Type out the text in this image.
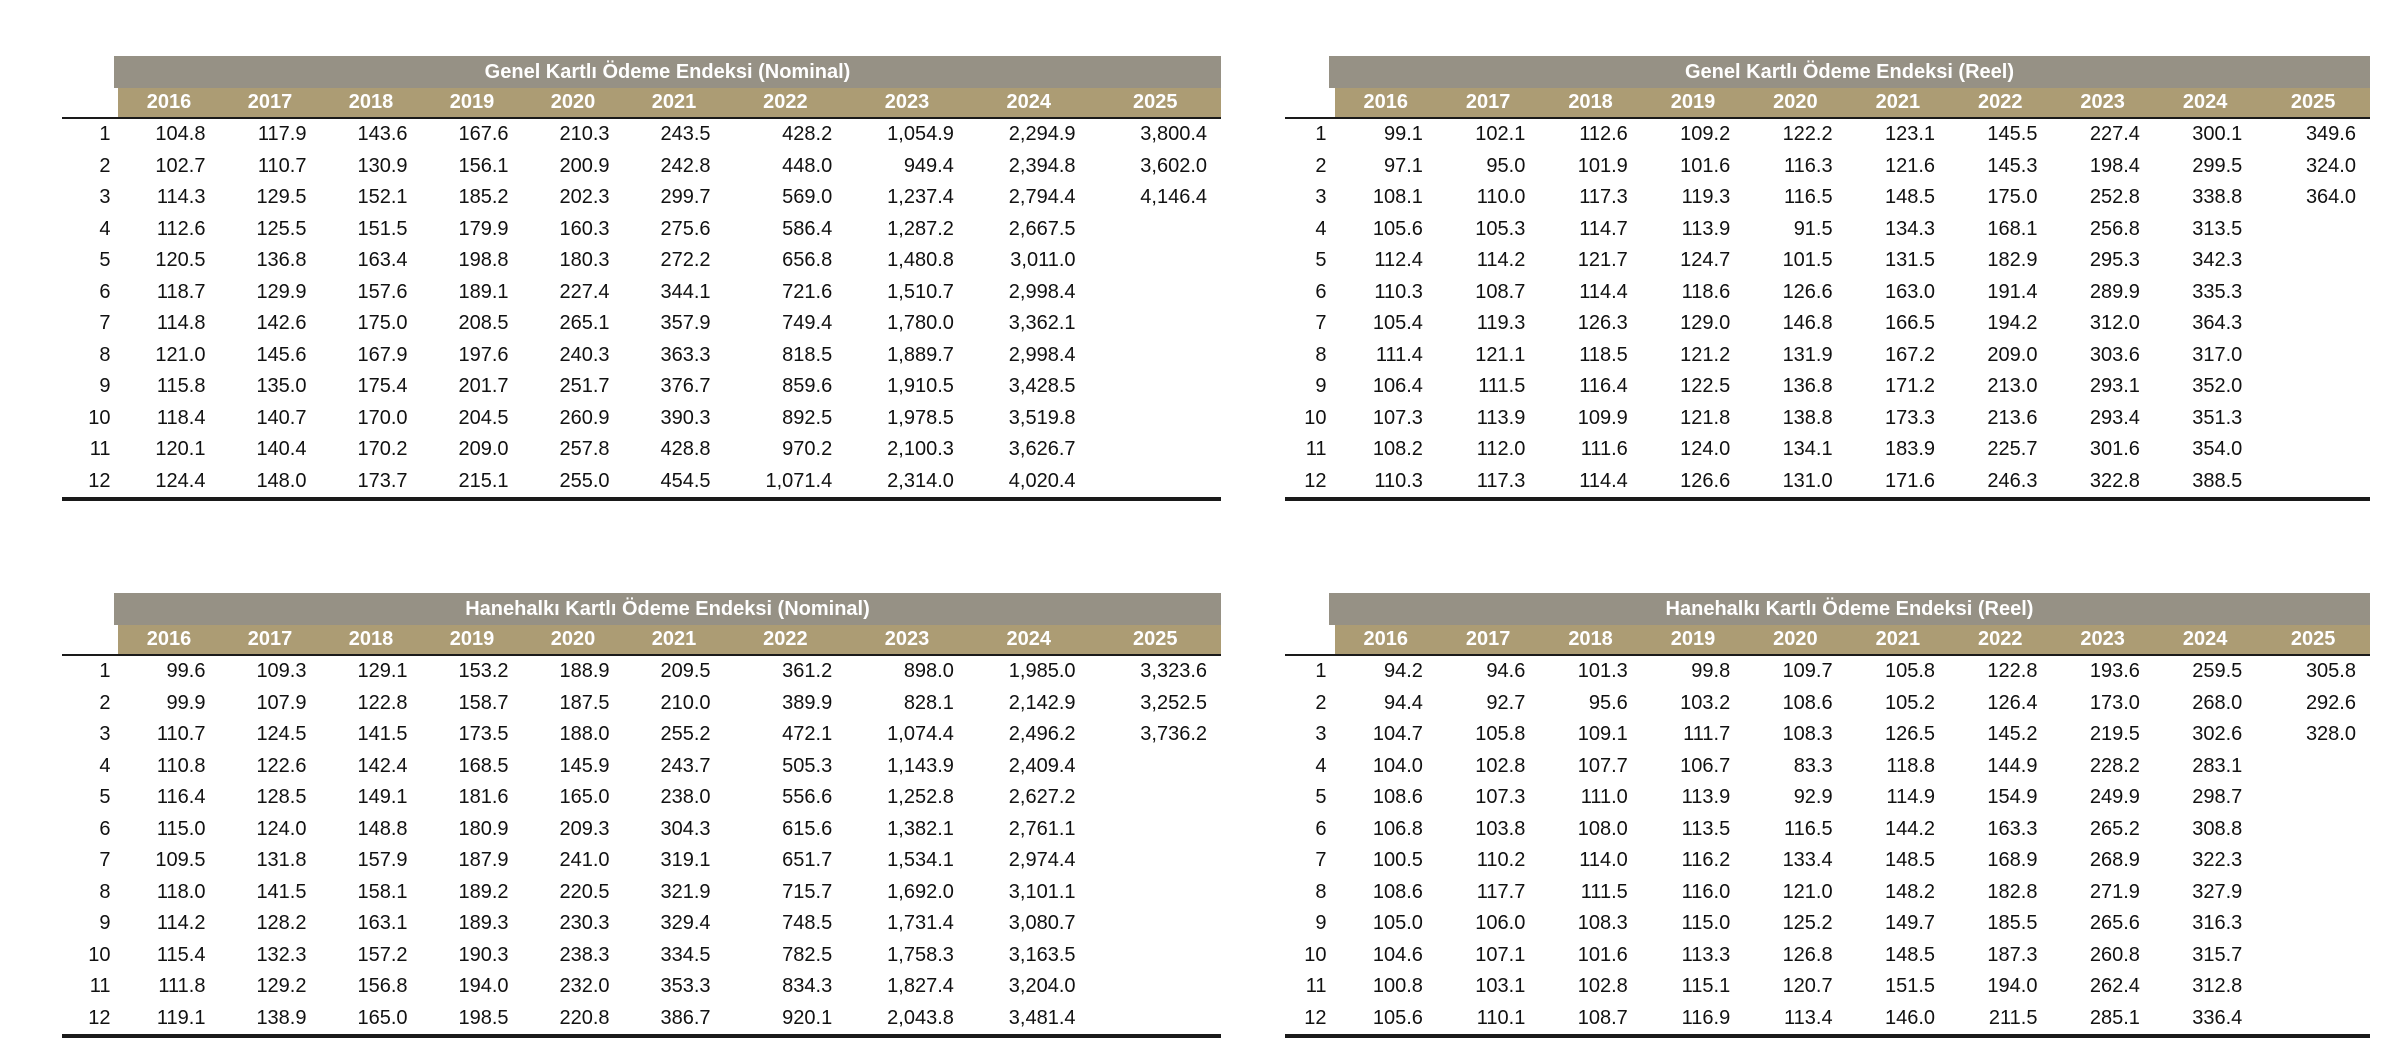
Genel Kartlı Ödeme Endeksi (Nominal)
	2016	2017	2018	2019	2020	2021	2022	2023	2024	2025
1	104.8	117.9	143.6	167.6	210.3	243.5	428.2	1,054.9	2,294.9	3,800.4
2	102.7	110.7	130.9	156.1	200.9	242.8	448.0	949.4	2,394.8	3,602.0
3	114.3	129.5	152.1	185.2	202.3	299.7	569.0	1,237.4	2,794.4	4,146.4
4	112.6	125.5	151.5	179.9	160.3	275.6	586.4	1,287.2	2,667.5	
5	120.5	136.8	163.4	198.8	180.3	272.2	656.8	1,480.8	3,011.0	
6	118.7	129.9	157.6	189.1	227.4	344.1	721.6	1,510.7	2,998.4	
7	114.8	142.6	175.0	208.5	265.1	357.9	749.4	1,780.0	3,362.1	
8	121.0	145.6	167.9	197.6	240.3	363.3	818.5	1,889.7	2,998.4	
9	115.8	135.0	175.4	201.7	251.7	376.7	859.6	1,910.5	3,428.5	
10	118.4	140.7	170.0	204.5	260.9	390.3	892.5	1,978.5	3,519.8	
11	120.1	140.4	170.2	209.0	257.8	428.8	970.2	2,100.3	3,626.7	
12	124.4	148.0	173.7	215.1	255.0	454.5	1,071.4	2,314.0	4,020.4	
Genel Kartlı Ödeme Endeksi (Reel)
	2016	2017	2018	2019	2020	2021	2022	2023	2024	2025
1	99.1	102.1	112.6	109.2	122.2	123.1	145.5	227.4	300.1	349.6
2	97.1	95.0	101.9	101.6	116.3	121.6	145.3	198.4	299.5	324.0
3	108.1	110.0	117.3	119.3	116.5	148.5	175.0	252.8	338.8	364.0
4	105.6	105.3	114.7	113.9	91.5	134.3	168.1	256.8	313.5	
5	112.4	114.2	121.7	124.7	101.5	131.5	182.9	295.3	342.3	
6	110.3	108.7	114.4	118.6	126.6	163.0	191.4	289.9	335.3	
7	105.4	119.3	126.3	129.0	146.8	166.5	194.2	312.0	364.3	
8	111.4	121.1	118.5	121.2	131.9	167.2	209.0	303.6	317.0	
9	106.4	111.5	116.4	122.5	136.8	171.2	213.0	293.1	352.0	
10	107.3	113.9	109.9	121.8	138.8	173.3	213.6	293.4	351.3	
11	108.2	112.0	111.6	124.0	134.1	183.9	225.7	301.6	354.0	
12	110.3	117.3	114.4	126.6	131.0	171.6	246.3	322.8	388.5	
Hanehalkı Kartlı Ödeme Endeksi (Nominal)
	2016	2017	2018	2019	2020	2021	2022	2023	2024	2025
1	99.6	109.3	129.1	153.2	188.9	209.5	361.2	898.0	1,985.0	3,323.6
2	99.9	107.9	122.8	158.7	187.5	210.0	389.9	828.1	2,142.9	3,252.5
3	110.7	124.5	141.5	173.5	188.0	255.2	472.1	1,074.4	2,496.2	3,736.2
4	110.8	122.6	142.4	168.5	145.9	243.7	505.3	1,143.9	2,409.4	
5	116.4	128.5	149.1	181.6	165.0	238.0	556.6	1,252.8	2,627.2	
6	115.0	124.0	148.8	180.9	209.3	304.3	615.6	1,382.1	2,761.1	
7	109.5	131.8	157.9	187.9	241.0	319.1	651.7	1,534.1	2,974.4	
8	118.0	141.5	158.1	189.2	220.5	321.9	715.7	1,692.0	3,101.1	
9	114.2	128.2	163.1	189.3	230.3	329.4	748.5	1,731.4	3,080.7	
10	115.4	132.3	157.2	190.3	238.3	334.5	782.5	1,758.3	3,163.5	
11	111.8	129.2	156.8	194.0	232.0	353.3	834.3	1,827.4	3,204.0	
12	119.1	138.9	165.0	198.5	220.8	386.7	920.1	2,043.8	3,481.4	
Hanehalkı Kartlı Ödeme Endeksi (Reel)
	2016	2017	2018	2019	2020	2021	2022	2023	2024	2025
1	94.2	94.6	101.3	99.8	109.7	105.8	122.8	193.6	259.5	305.8
2	94.4	92.7	95.6	103.2	108.6	105.2	126.4	173.0	268.0	292.6
3	104.7	105.8	109.1	111.7	108.3	126.5	145.2	219.5	302.6	328.0
4	104.0	102.8	107.7	106.7	83.3	118.8	144.9	228.2	283.1	
5	108.6	107.3	111.0	113.9	92.9	114.9	154.9	249.9	298.7	
6	106.8	103.8	108.0	113.5	116.5	144.2	163.3	265.2	308.8	
7	100.5	110.2	114.0	116.2	133.4	148.5	168.9	268.9	322.3	
8	108.6	117.7	111.5	116.0	121.0	148.2	182.8	271.9	327.9	
9	105.0	106.0	108.3	115.0	125.2	149.7	185.5	265.6	316.3	
10	104.6	107.1	101.6	113.3	126.8	148.5	187.3	260.8	315.7	
11	100.8	103.1	102.8	115.1	120.7	151.5	194.0	262.4	312.8	
12	105.6	110.1	108.7	116.9	113.4	146.0	211.5	285.1	336.4	
